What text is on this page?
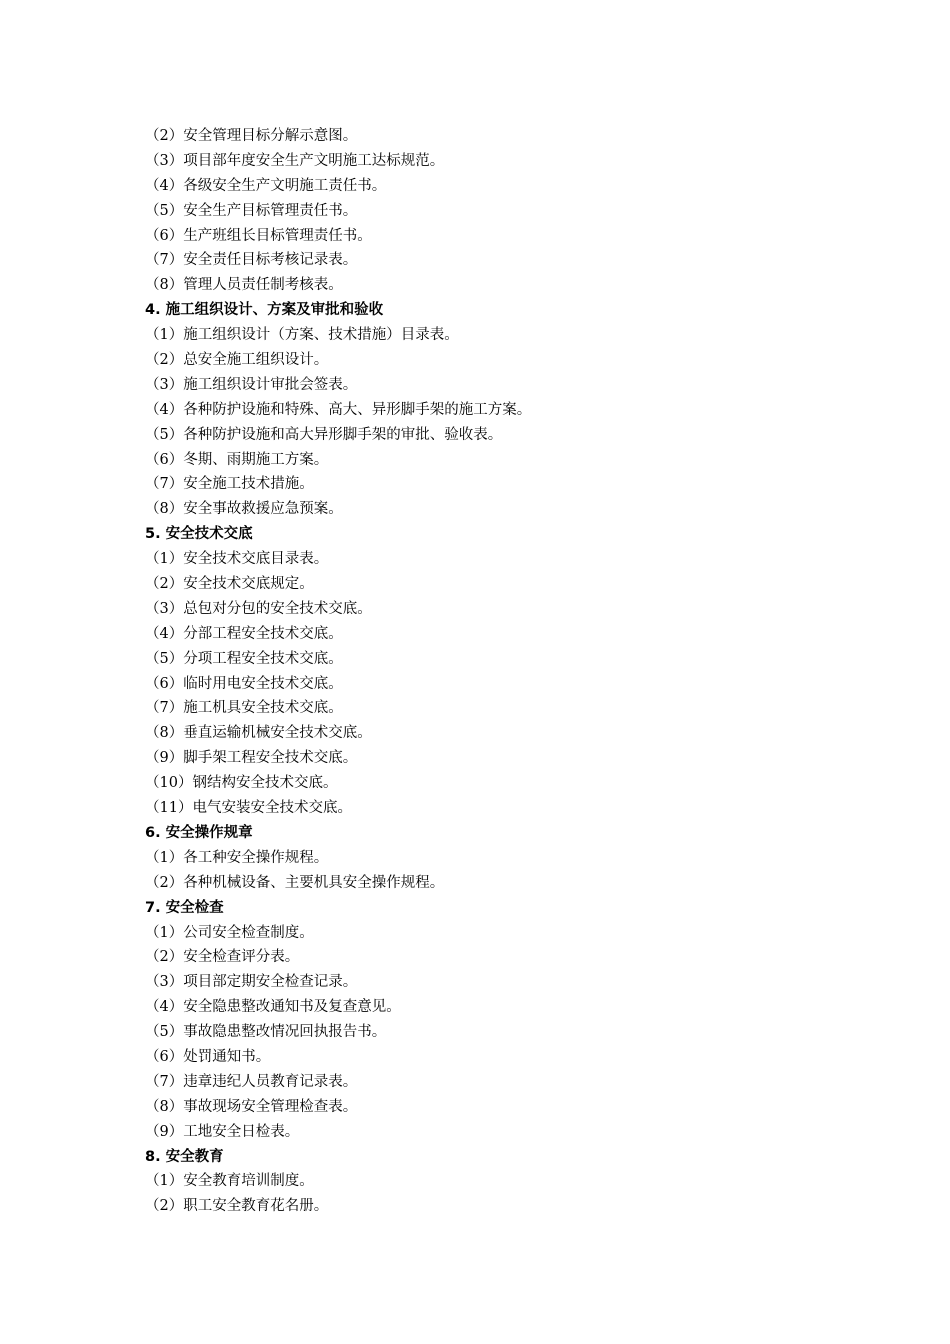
（2）安全管理目标分解示意图。
（3）项目部年度安全生产文明施工达标规范。
（4）各级安全生产文明施工责任书。
（5）安全生产目标管理责任书。
（6）生产班组长目标管理责任书。
（7）安全责任目标考核记录表。
（8）管理人员责任制考核表。
4. 施工组织设计、方案及审批和验收
（1）施工组织设计（方案、技术措施）目录表。
（2）总安全施工组织设计。
（3）施工组织设计审批会签表。
（4）各种防护设施和特殊、高大、异形脚手架的施工方案。
（5）各种防护设施和高大异形脚手架的审批、验收表。
（6）冬期、雨期施工方案。
（7）安全施工技术措施。
（8）安全事故救援应急预案。
5. 安全技术交底
（1）安全技术交底目录表。
（2）安全技术交底规定。
（3）总包对分包的安全技术交底。
（4）分部工程安全技术交底。
（5）分项工程安全技术交底。
（6）临时用电安全技术交底。
（7）施工机具安全技术交底。
（8）垂直运输机械安全技术交底。
（9）脚手架工程安全技术交底。
（10）钢结构安全技术交底。
（11）电气安装安全技术交底。
6. 安全操作规章
（1）各工种安全操作规程。
（2）各种机械设备、主要机具安全操作规程。
7. 安全检查
（1）公司安全检查制度。
（2）安全检查评分表。
（3）项目部定期安全检查记录。
（4）安全隐患整改通知书及复查意见。
（5）事故隐患整改情况回执报告书。
（6）处罚通知书。
（7）违章违纪人员教育记录表。
（8）事故现场安全管理检查表。
（9）工地安全日检表。
8. 安全教育
（1）安全教育培训制度。
（2）职工安全教育花名册。
